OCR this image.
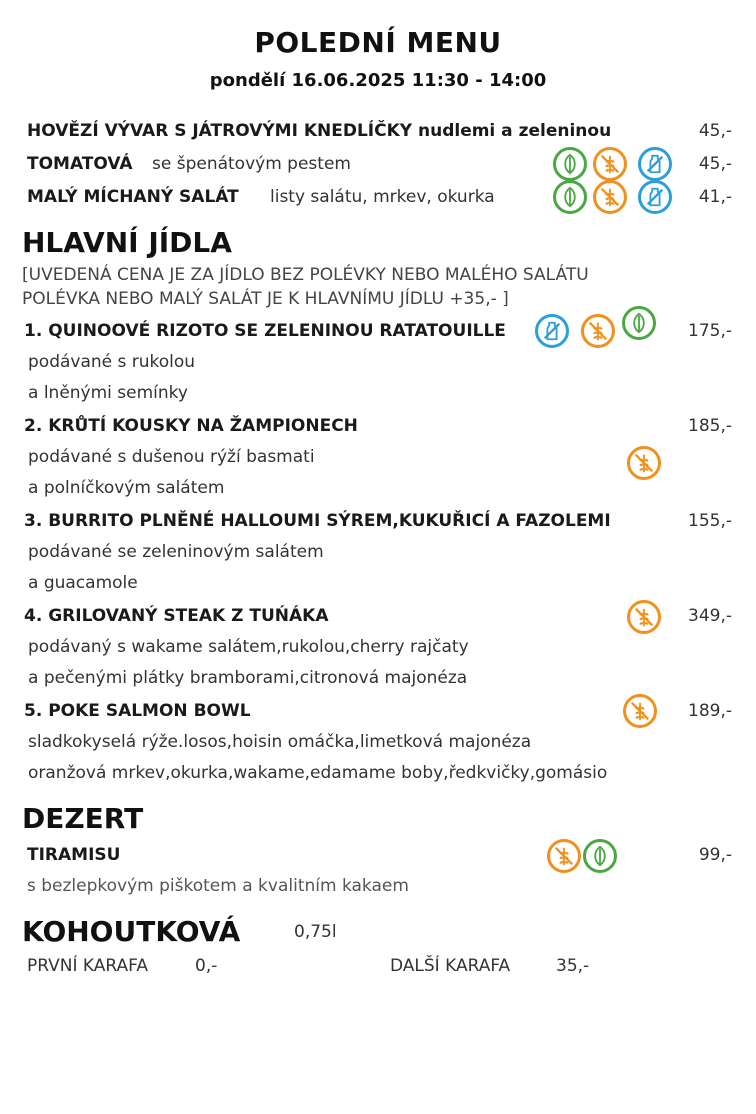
POLEDNÍ MENU
pondělí 16.06.2025 11:30 - 14:00
HOVĚZÍ VÝVAR S JÁTROVÝMI KNEDLÍČKY nudlemi a zeleninou	45,-
TOMATOVÁ se špenátovým pestem	45,-
MALÝ MÍCHANÝ SALÁT listy salátu, mrkev, okurka	41,-
HLAVNÍ JÍDLA
[UVEDENÁ CENA JE ZA JÍDLO BEZ POLÉVKY NEBO MALÉHO SALÁTU
POLÉVKA NEBO MALÝ SALÁT JE K HLAVNÍMU JÍDLU +35,- ]
1. QUINOOVÉ RIZOTO SE ZELENINOU RATATOUILLE	175,-
podávané s rukolou
a lněnými semínky
2. KRŮTÍ KOUSKY NA ŽAMPIONECH	185,-
podávané s dušenou rýží basmati
a polníčkovým salátem
3. BURRITO PLNĚNÉ HALLOUMI SÝREM,KUKUŘICÍ A FAZOLEMI	155,-
podávané se zeleninovým salátem
a guacamole
4. GRILOVANÝ STEAK Z TUŃÁKA	349,-
podávaný s wakame salátem,rukolou,cherry rajčaty
a pečenými plátky bramborami,citronová majonéza
5. POKE SALMON BOWL	189,-
sladkokyselá rýže.losos,hoisin omáčka,limetková majonéza
oranžová mrkev,okurka,wakame,edamame boby,ředkvičky,gomásio
DEZERT
TIRAMISU	99,-
s bezlepkovým piškotem a kvalitním kakaem
KOHOUTKOVÁ	0,75l
PRVNÍ KARAFA	0,-	DALŠÍ KARAFA	35,-
